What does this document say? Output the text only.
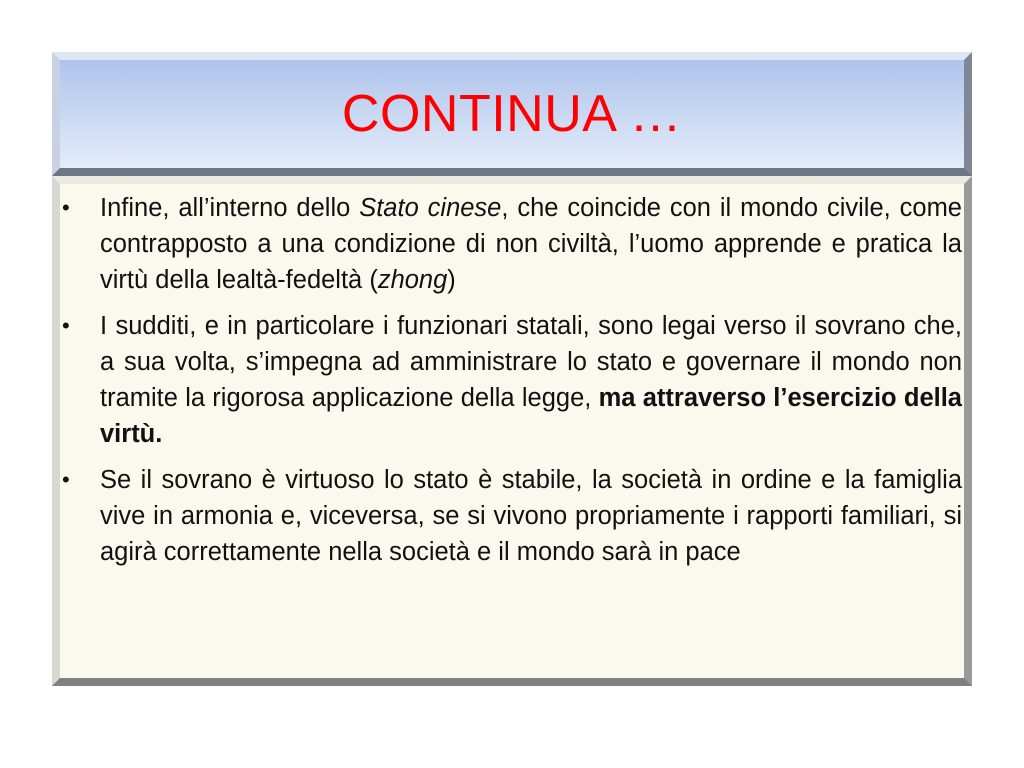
CONTINUA …
•	Infine, all’interno dello Stato cinese, che coincide con il mondo civile, come contrapposto a una condizione di non civiltà, l’uomo apprende e pratica la virtù della lealtà-fedeltà (zhong)
•	I sudditi, e in particolare i funzionari statali, sono legai verso il sovrano che, a sua volta, s’impegna ad amministrare lo stato e governare il mondo non tramite la rigorosa applicazione della legge, ma attraverso l’esercizio della virtù.
•	Se il sovrano è virtuoso lo stato è stabile, la società in ordine e la famiglia vive in armonia e, viceversa, se si vivono propriamente i rapporti familiari, si agirà correttamente nella società e il mondo sarà in pace
